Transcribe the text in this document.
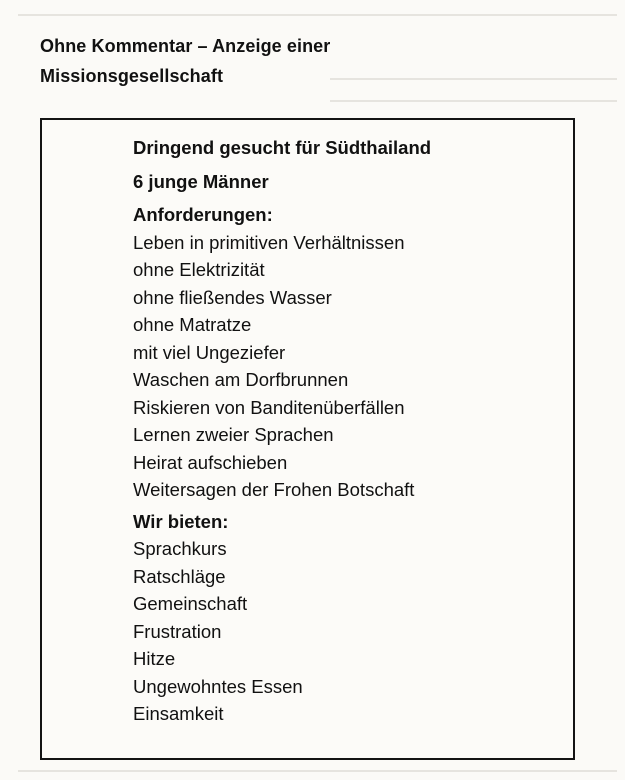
Ohne Kommentar – Anzeige einer
Missionsgesellschaft
Dringend gesucht für Südthailand
6 junge Männer
Anforderungen:
Leben in primitiven Verhältnissen
ohne Elektrizität
ohne fließendes Wasser
ohne Matratze
mit viel Ungeziefer
Waschen am Dorfbrunnen
Riskieren von Banditenüberfällen
Lernen zweier Sprachen
Heirat aufschieben
Weitersagen der Frohen Botschaft
Wir bieten:
Sprachkurs
Ratschläge
Gemeinschaft
Frustration
Hitze
Ungewohntes Essen
Einsamkeit
